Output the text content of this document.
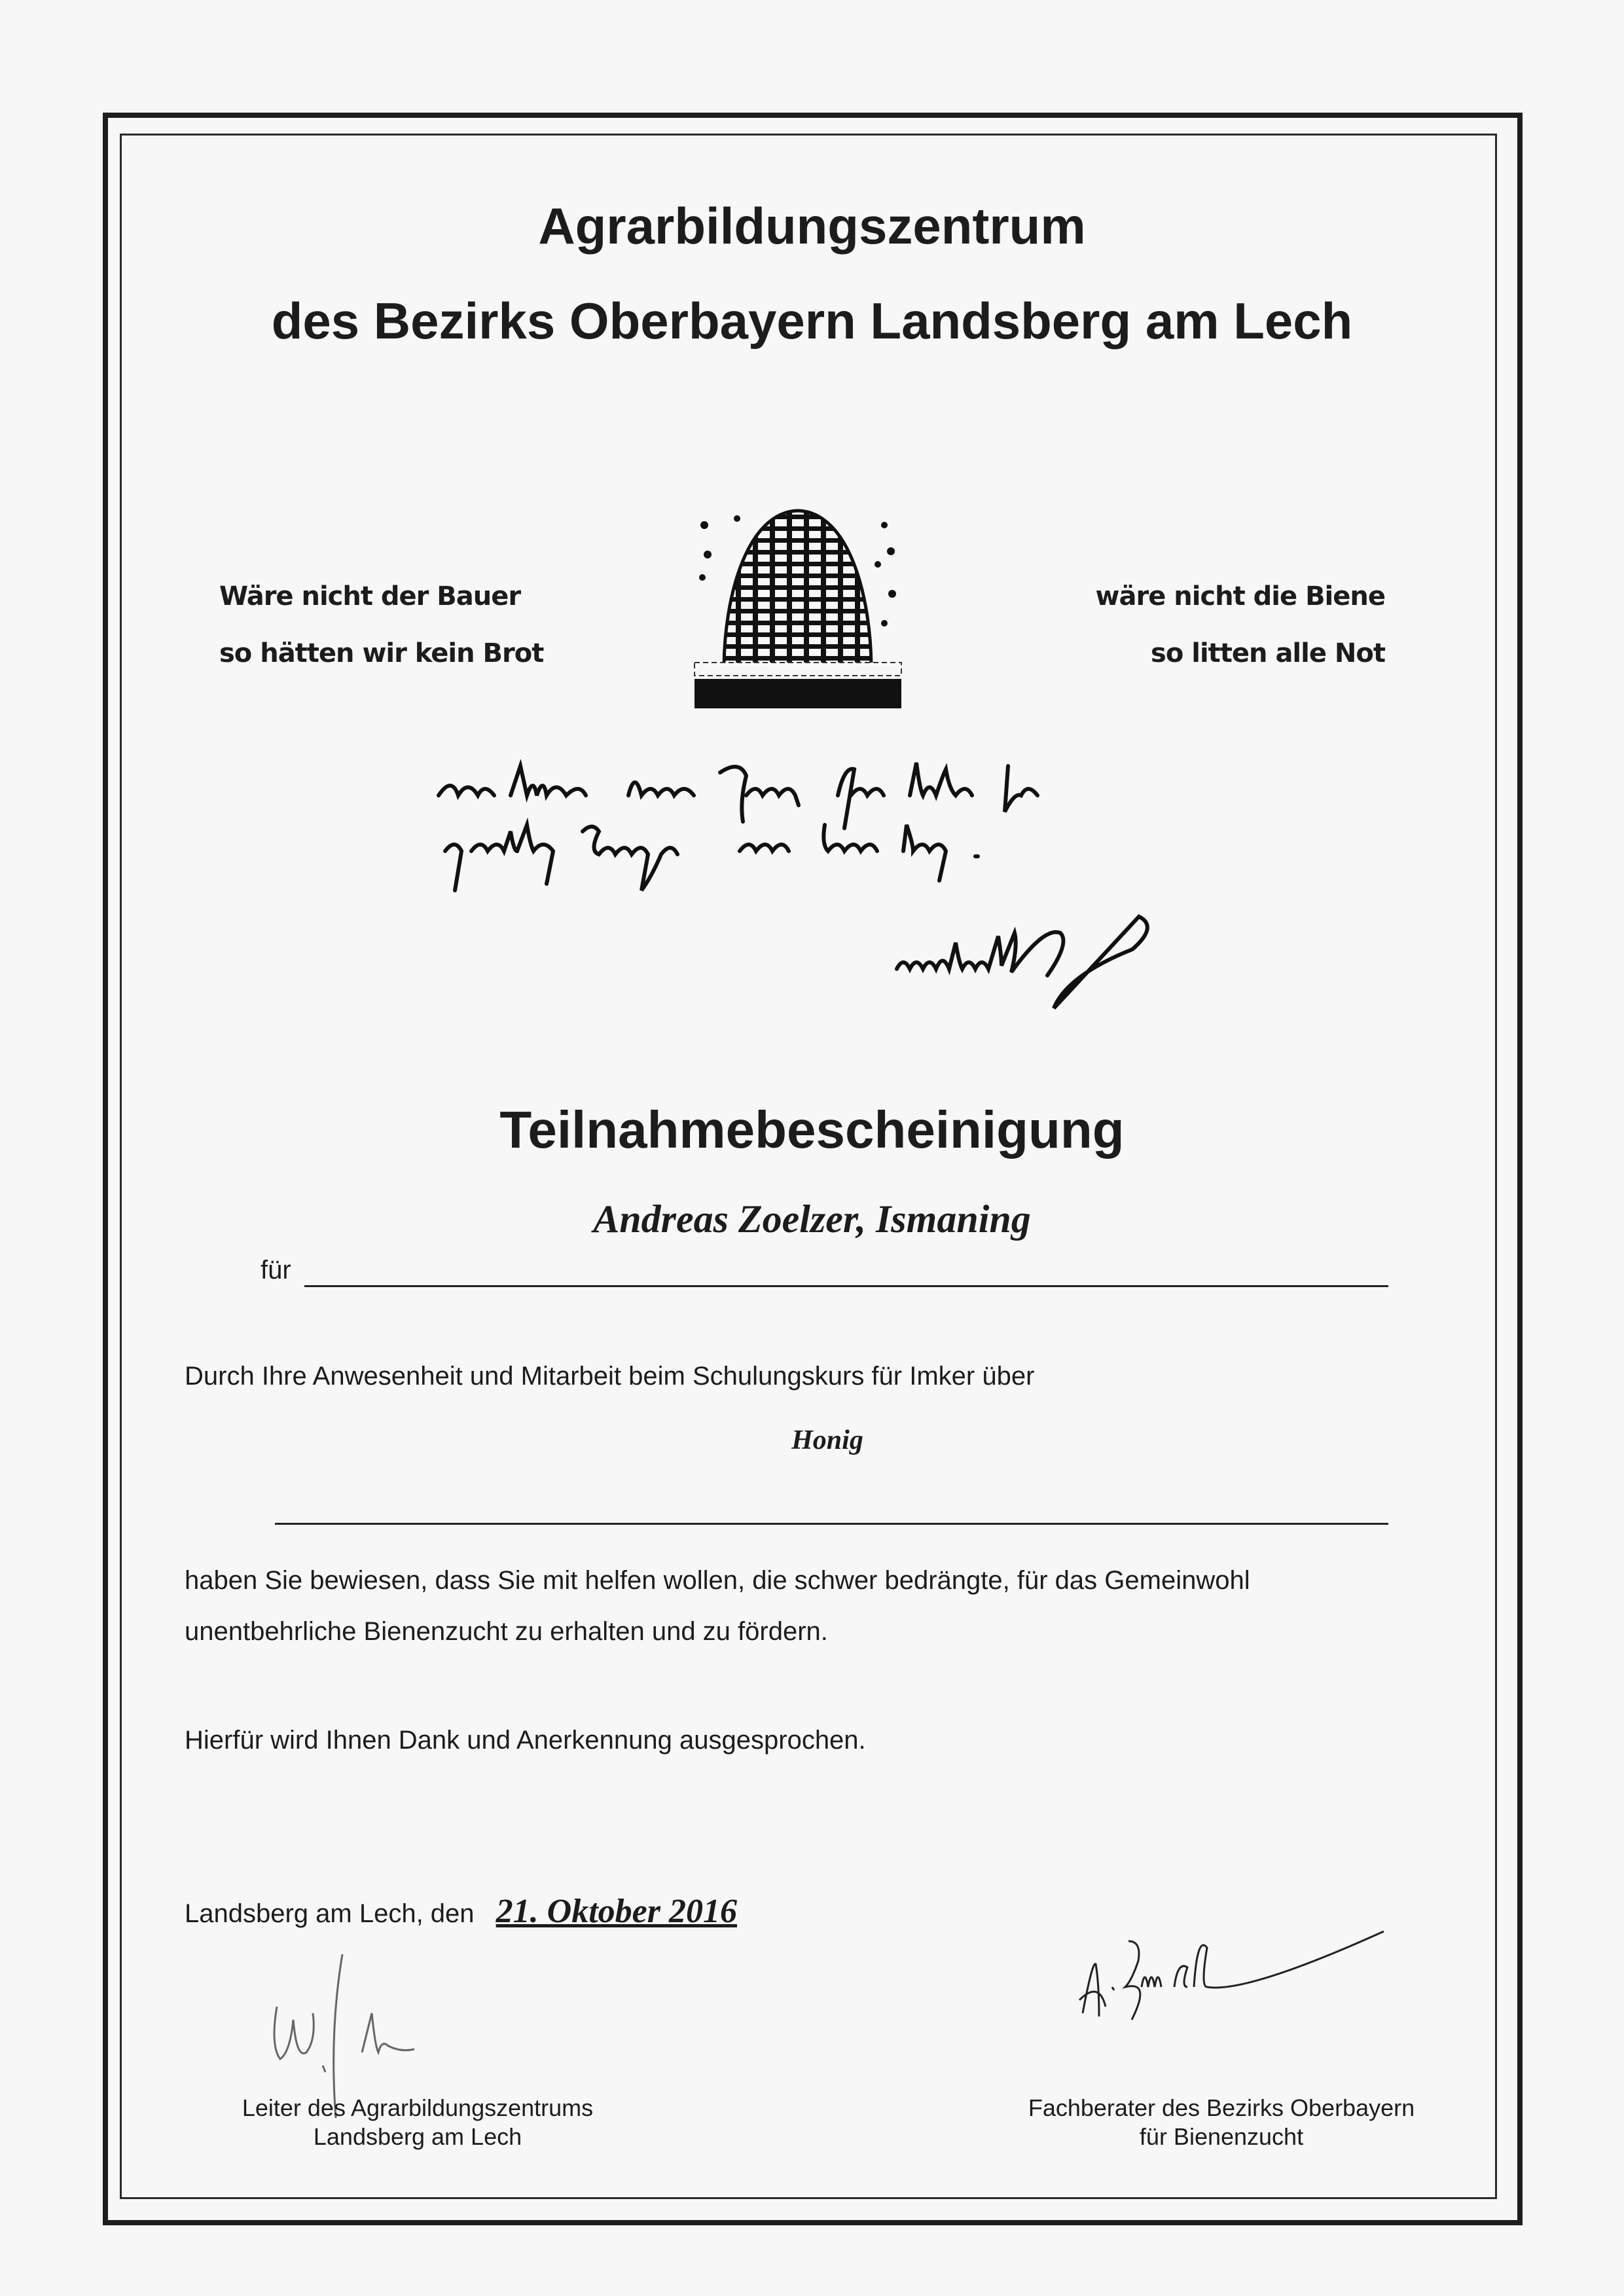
Agrarbildungszentrum
des Bezirks Oberbayern Landsberg am Lech
Wäre nicht der Bauer
so hätten wir kein Brot
wäre nicht die Biene
so litten alle Not
Teilnahmebescheinigung
Andreas Zoelzer, Ismaning
für
Durch Ihre Anwesenheit und Mitarbeit beim Schulungskurs für Imker über
Honig
haben Sie bewiesen, dass Sie mit helfen wollen, die schwer bedrängte, für das Gemeinwohl
unentbehrliche Bienenzucht zu erhalten und zu fördern.
Hierfür wird Ihnen Dank und Anerkennung ausgesprochen.
Landsberg am Lech, den 21. Oktober 2016
Leiter des Agrarbildungszentrums
Landsberg am Lech
Fachberater des Bezirks Oberbayern
für Bienenzucht
